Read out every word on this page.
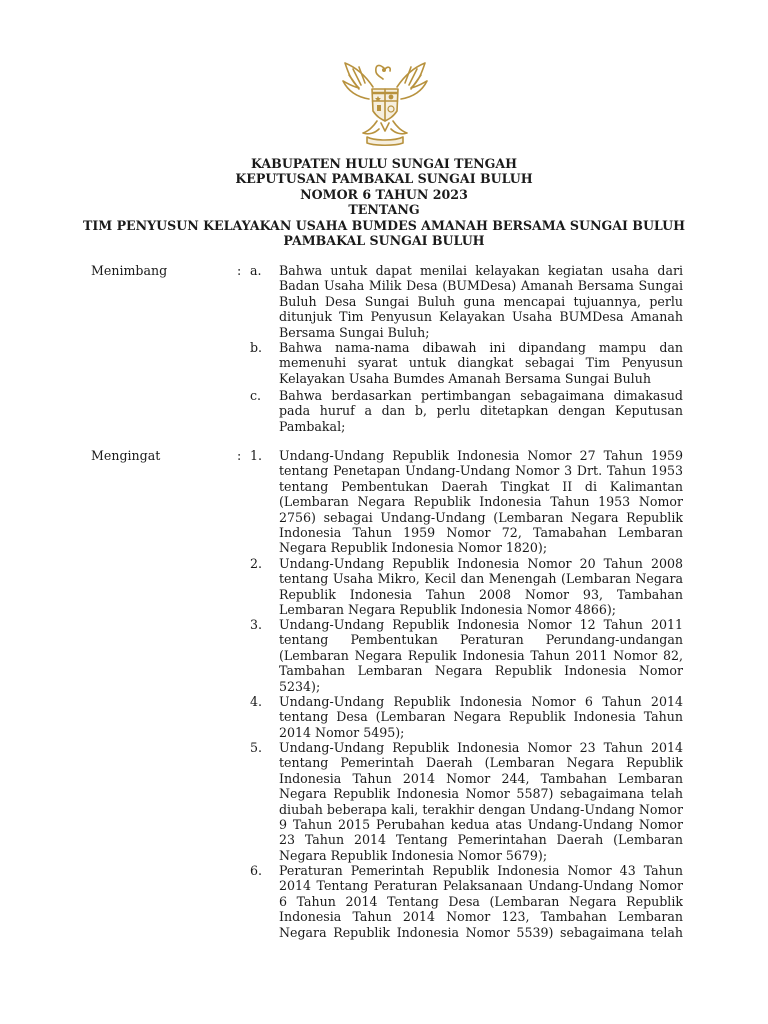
KABUPATEN HULU SUNGAI TENGAH
KEPUTUSAN PAMBAKAL SUNGAI BULUH
NOMOR 6 TAHUN 2023
TENTANG
TIM PENYUSUN KELAYAKAN USAHA BUMDES AMANAH BERSAMA SUNGAI BULUH
PAMBAKAL SUNGAI BULUH
Menimbang	: a.	Bahwa untuk dapat menilai kelayakan kegiatan usaha dari
Badan Usaha Milik Desa (BUMDesa) Amanah Bersama Sungai
Buluh Desa Sungai Buluh guna mencapai tujuannya, perlu
ditunjuk Tim Penyusun Kelayakan Usaha BUMDesa Amanah
Bersama Sungai Buluh;
b.	Bahwa nama-nama dibawah ini dipandang mampu dan
memenuhi syarat untuk diangkat sebagai Tim Penyusun
Kelayakan Usaha Bumdes Amanah Bersama Sungai Buluh
c.	Bahwa berdasarkan pertimbangan sebagaimana dimakasud
pada huruf a dan b, perlu ditetapkan dengan Keputusan
Pambakal;
Mengingat	: 1.	Undang-Undang Republik Indonesia Nomor 27 Tahun 1959
tentang Penetapan Undang-Undang Nomor 3 Drt. Tahun 1953
tentang Pembentukan Daerah Tingkat II di Kalimantan
(Lembaran Negara Republik Indonesia Tahun 1953 Nomor
2756) sebagai Undang-Undang (Lembaran Negara Republik
Indonesia Tahun 1959 Nomor 72, Tamabahan Lembaran
Negara Republik Indonesia Nomor 1820);
2.	Undang-Undang Republik Indonesia Nomor 20 Tahun 2008
tentang Usaha Mikro, Kecil dan Menengah (Lembaran Negara
Republik Indonesia Tahun 2008 Nomor 93, Tambahan
Lembaran Negara Republik Indonesia Nomor 4866);
3.	Undang-Undang Republik Indonesia Nomor 12 Tahun 2011
tentang Pembentukan Peraturan Perundang-undangan
(Lembaran Negara Repulik Indonesia Tahun 2011 Nomor 82,
Tambahan Lembaran Negara Republik Indonesia Nomor
5234);
4.	Undang-Undang Republik Indonesia Nomor 6 Tahun 2014
tentang Desa (Lembaran Negara Republik Indonesia Tahun
2014 Nomor 5495);
5.	Undang-Undang Republik Indonesia Nomor 23 Tahun 2014
tentang Pemerintah Daerah (Lembaran Negara Republik
Indonesia Tahun 2014 Nomor 244, Tambahan Lembaran
Negara Republik Indonesia Nomor 5587) sebagaimana telah
diubah beberapa kali, terakhir dengan Undang-Undang Nomor
9 Tahun 2015 Perubahan kedua atas Undang-Undang Nomor
23 Tahun 2014 Tentang Pemerintahan Daerah (Lembaran
Negara Republik Indonesia Nomor 5679);
6.	Peraturan Pemerintah Republik Indonesia Nomor 43 Tahun
2014 Tentang Peraturan Pelaksanaan Undang-Undang Nomor
6 Tahun 2014 Tentang Desa (Lembaran Negara Republik
Indonesia Tahun 2014 Nomor 123, Tambahan Lembaran
Negara Republik Indonesia Nomor 5539) sebagaimana telah
